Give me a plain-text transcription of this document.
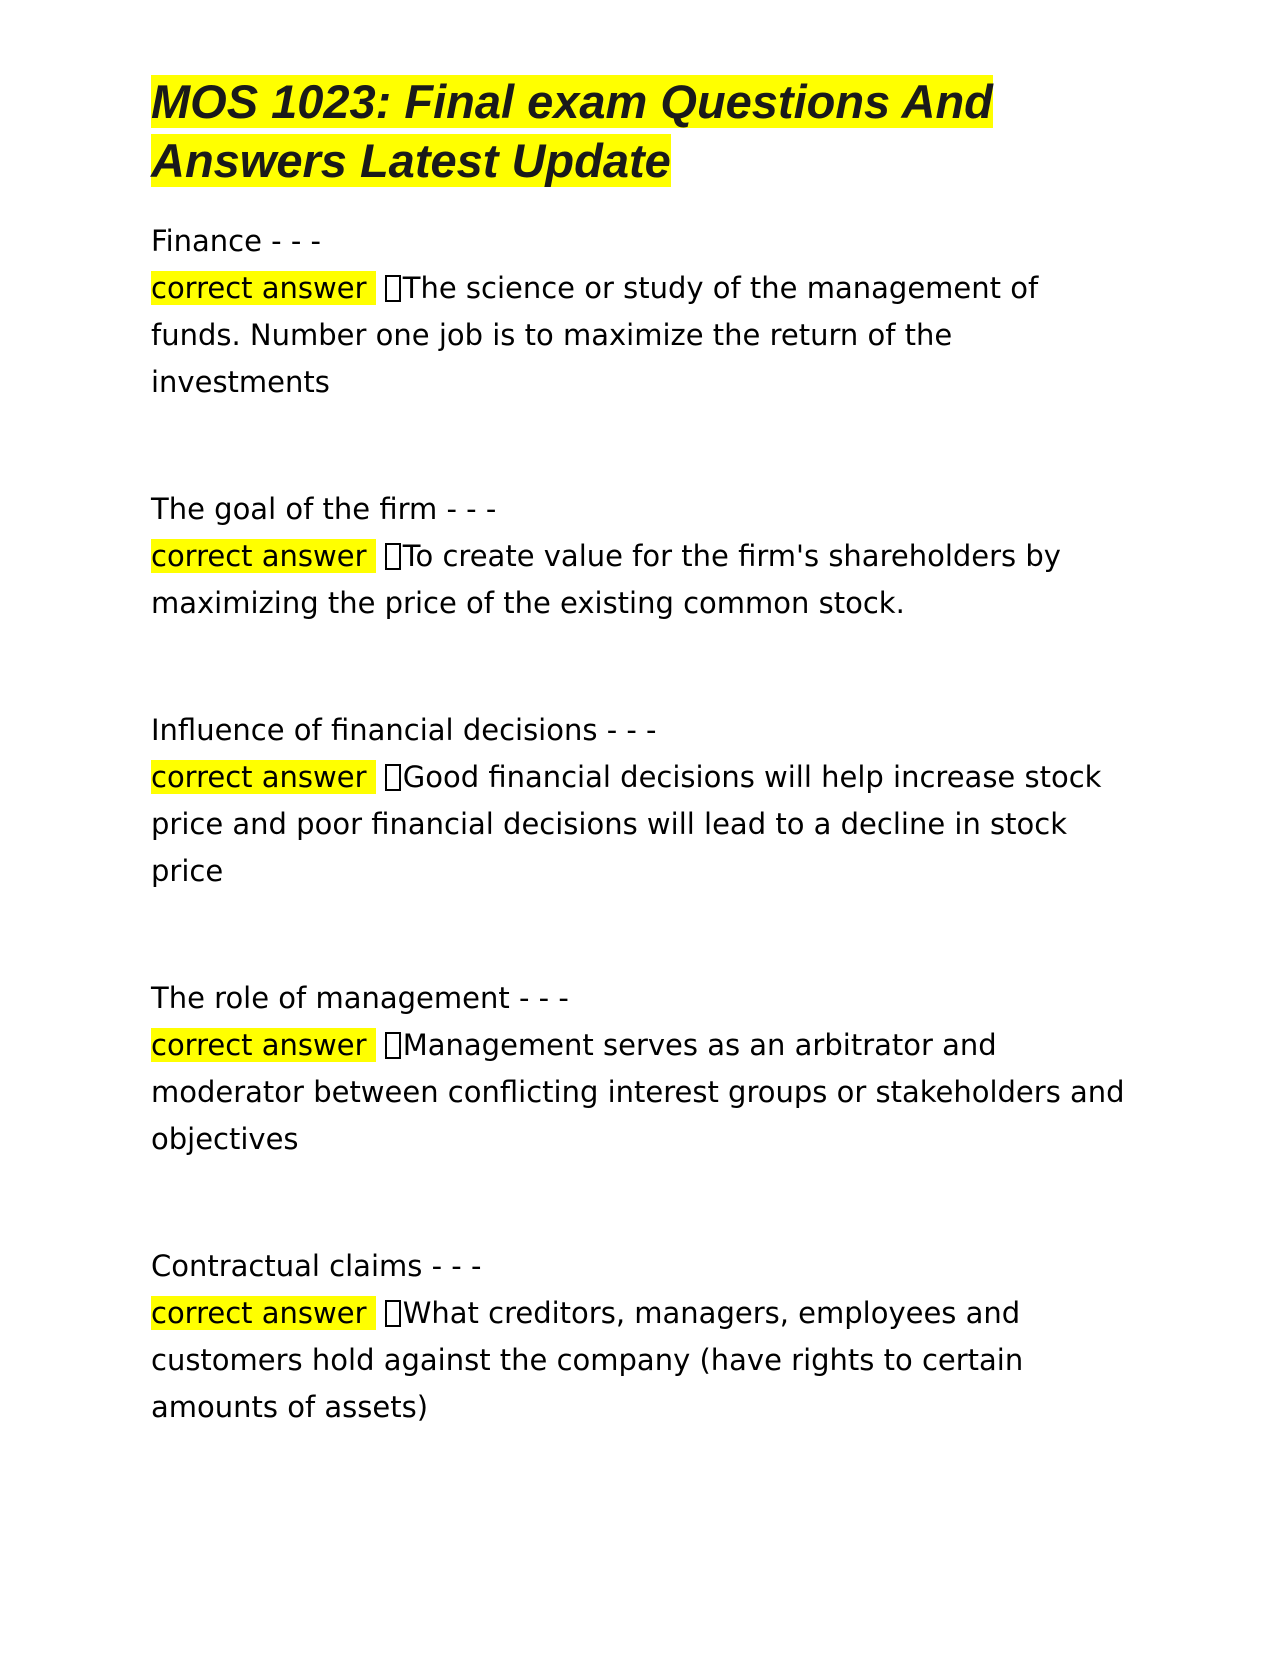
MOS 1023: Final exam Questions And Answers Latest Update

Finance - - -

correct answer The science or study of the management of funds. Number one job is to maximize the return of the investments

The goal of the firm - - -

correct answer To create value for the firm's shareholders by maximizing the price of the existing common stock.

Influence of financial decisions - - -

correct answer Good financial decisions will help increase stock price and poor financial decisions will lead to a decline in stock price

The role of management - - -

correct answer Management serves as an arbitrator and moderator between conflicting interest groups or stakeholders and objectives

Contractual claims - - -

correct answer What creditors, managers, employees and customers hold against the company (have rights to certain amounts of assets)
